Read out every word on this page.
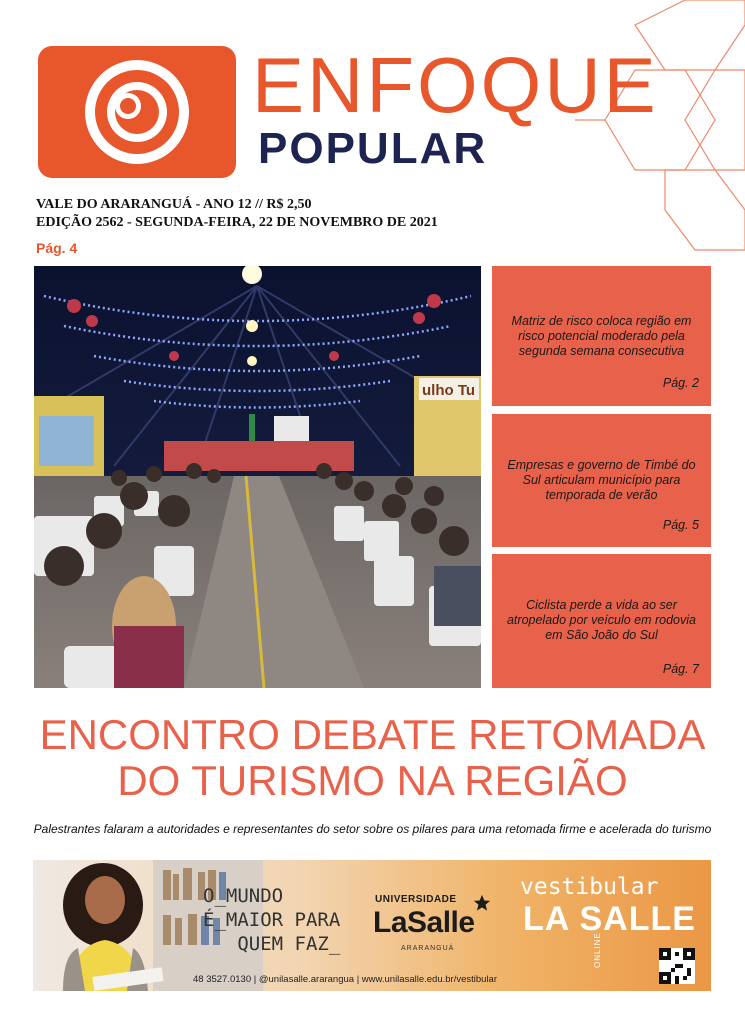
ENFOQUE
POPULAR
VALE DO ARARANGUÁ - ANO 12 // R$ 2,50
EDIÇÃO 2562 - SEGUNDA-FEIRA, 22 DE NOVEMBRO DE 2021
Pág. 4
ulho Tu
Matriz de risco coloca região em risco potencial moderado pela segunda semana consecutiva
Pág. 2
Empresas e governo de Timbé do Sul articulam município para temporada de verão
Pág. 5
Ciclista perde a vida ao ser atropelado por veículo em rodovia em São João do Sul
Pág. 7
ENCONTRO DEBATE RETOMADA
DO TURISMO NA REGIÃO
Palestrantes falaram a autoridades e representantes do setor sobre os pilares para uma retomada firme e acelerada do turismo
O_MUNDO
É_MAIOR PARA
QUEM FAZ_
UNIVERSIDADE
LaSalle
ARARANGUÁ
vestibular
LA SALLE
ONLINE
48 3527.0130 | @unilasalle.ararangua | www.unilasalle.edu.br/vestibular
